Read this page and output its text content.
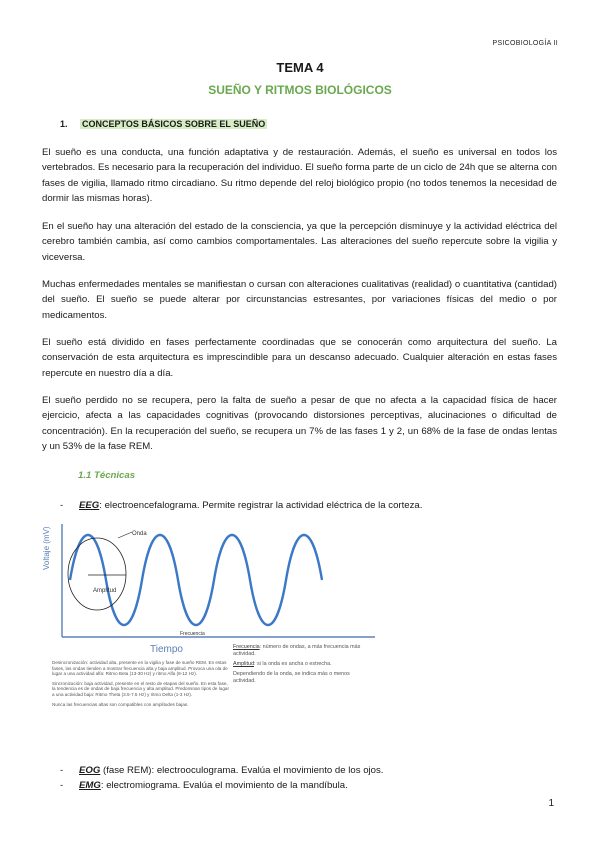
PSICOBIOLOGÍA II
TEMA 4
SUEÑO Y RITMOS BIOLÓGICOS
1. CONCEPTOS BÁSICOS SOBRE EL SUEÑO
El sueño es una conducta, una función adaptativa y de restauración. Además, el sueño es universal en todos los vertebrados. Es necesario para la recuperación del individuo. El sueño forma parte de un ciclo de 24h que se alterna con fases de vigilia, llamado ritmo circadiano. Su ritmo depende del reloj biológico propio (no todos tenemos la necesidad de dormir las mismas horas).
En el sueño hay una alteración del estado de la consciencia, ya que la percepción disminuye y la actividad eléctrica del cerebro también cambia, así como cambios comportamentales. Las alteraciones del sueño repercute sobre la vigilia y viceversa.
Muchas enfermedades mentales se manifiestan o cursan con alteraciones cualitativas (realidad) o cuantitativa (cantidad) del sueño. El sueño se puede alterar por circunstancias estresantes, por variaciones físicas del medio o por medicamentos.
El sueño está dividido en fases perfectamente coordinadas que se conocerán como arquitectura del sueño. La conservación de esta arquitectura es imprescindible para un descanso adecuado. Cualquier alteración en estas fases repercute en nuestro día a día.
El sueño perdido no se recupera, pero la falta de sueño a pesar de que no afecta a la capacidad física de hacer ejercicio, afecta a las capacidades cognitivas (provocando distorsiones perceptivas, alucinaciones o dificultad de concentración). En la recuperación del sueño, se recupera un 7% de las fases 1 y 2, un 68% de la fase de ondas lentas y un 53% de la fase REM.
1.1 Técnicas
- EEG: electroencefalograma. Permite registrar la actividad eléctrica de la corteza.
Onda
Amplitud
Frecuencia
Voltaje (mV)
Tiempo
Desincronización: actividad alta, presente en la vigilia y fase de sueño REM. En estas fases, las ondas tienden a mostrar frecuencia alta y baja amplitud. Provoca una ola de lugar a una actividad alfa: Ritmo Beta (13-30 Hz) y ritmo Alfa (8-12 Hz).
Sincronización: baja actividad, presente en el resto de etapas del sueño. En esta fase, la tendencia es de ondas de baja frecuencia y alta amplitud. Predominan tipos de lugar a una actividad baja: Ritmo Theta (3.5-7.5 Hz) y ritmo Delta (1-3 Hz).
Nunca las frecuencias altas son compatibles con amplitudes bajas.
Frecuencia: número de ondas, a más frecuencia más actividad.
Amplitud: si la onda es ancha o estrecha.
Dependiendo de la onda, se indica más o menos actividad.
- EOG (fase REM): electrooculograma. Evalúa el movimiento de los ojos.
- EMG: electromiograma. Evalúa el movimiento de la mandíbula.
1
